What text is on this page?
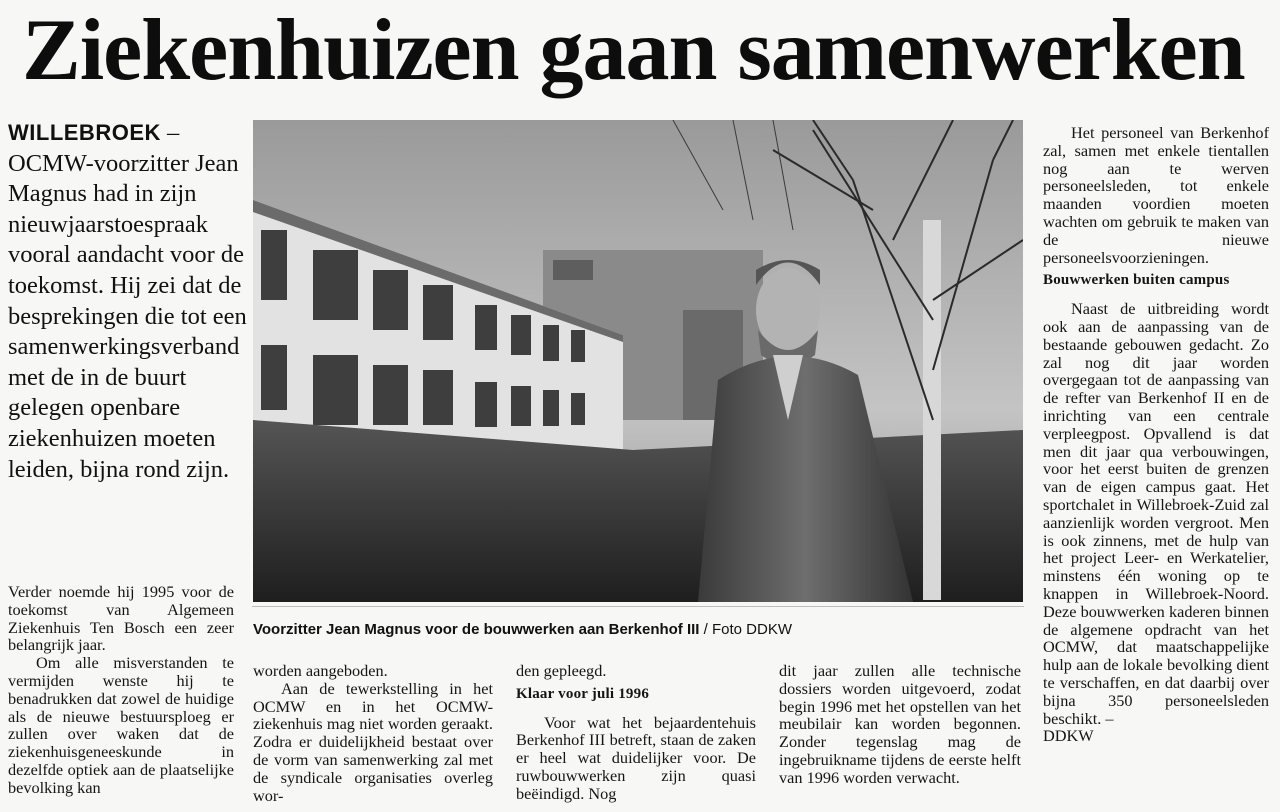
Ziekenhuizen gaan samenwerken
WILLEBROEK – OCMW-voorzitter Jean Magnus had in zijn nieuwjaarstoespraak vooral aandacht voor de toekomst. Hij zei dat de besprekingen die tot een samenwerkingsverband met de in de buurt gelegen openbare ziekenhuizen moeten leiden, bijna rond zijn.
Voorzitter Jean Magnus voor de bouwwerken aan Berkenhof III / Foto DDKW

Verder noemde hij 1995 voor de toekomst van Algemeen Ziekenhuis Ten Bosch een zeer belangrijk jaar.

Om alle misverstanden te vermijden wenste hij te benadrukken dat zowel de huidige als de nieuwe bestuursploeg er zullen over waken dat de ziekenhuisgeneeskunde in dezelfde optiek aan de plaatselijke bevolking kan

worden aangeboden.

Aan de tewerkstelling in het OCMW en in het OCMW-ziekenhuis mag niet worden geraakt. Zodra er duidelijkheid bestaat over de vorm van samenwerking zal met de syndicale organisaties overleg wor-

den gepleegd.

Klaar voor juli 1996

Voor wat het bejaardentehuis Berkenhof III betreft, staan de zaken er heel wat duidelijker voor. De ruwbouwwerken zijn quasi beëindigd. Nog

dit jaar zullen alle technische dossiers worden uitgevoerd, zodat begin 1996 met het opstellen van het meubilair kan worden begonnen. Zonder tegenslag mag de ingebruikname tijdens de eerste helft van 1996 worden verwacht.

Het personeel van Berkenhof zal, samen met enkele tientallen nog aan te werven personeelsleden, tot enkele maanden voordien moeten wachten om gebruik te maken van de nieuwe personeelsvoorzieningen.

Bouwwerken buiten campus

Naast de uitbreiding wordt ook aan de aanpassing van de bestaande gebouwen gedacht. Zo zal nog dit jaar worden overgegaan tot de aanpassing van de refter van Berkenhof II en de inrichting van een centrale verpleegpost. Opvallend is dat men dit jaar qua verbouwingen, voor het eerst buiten de grenzen van de eigen campus gaat. Het sportchalet in Willebroek-Zuid zal aanzienlijk worden vergroot. Men is ook zinnens, met de hulp van het project Leer- en Werkatelier, minstens één woning op te knappen in Willebroek-Noord. Deze bouwwerken kaderen binnen de algemene opdracht van het OCMW, dat maatschappelijke hulp aan de lokale bevolking dient te verschaffen, en dat daarbij over bijna 350 personeelsleden beschikt. –

DDKW
